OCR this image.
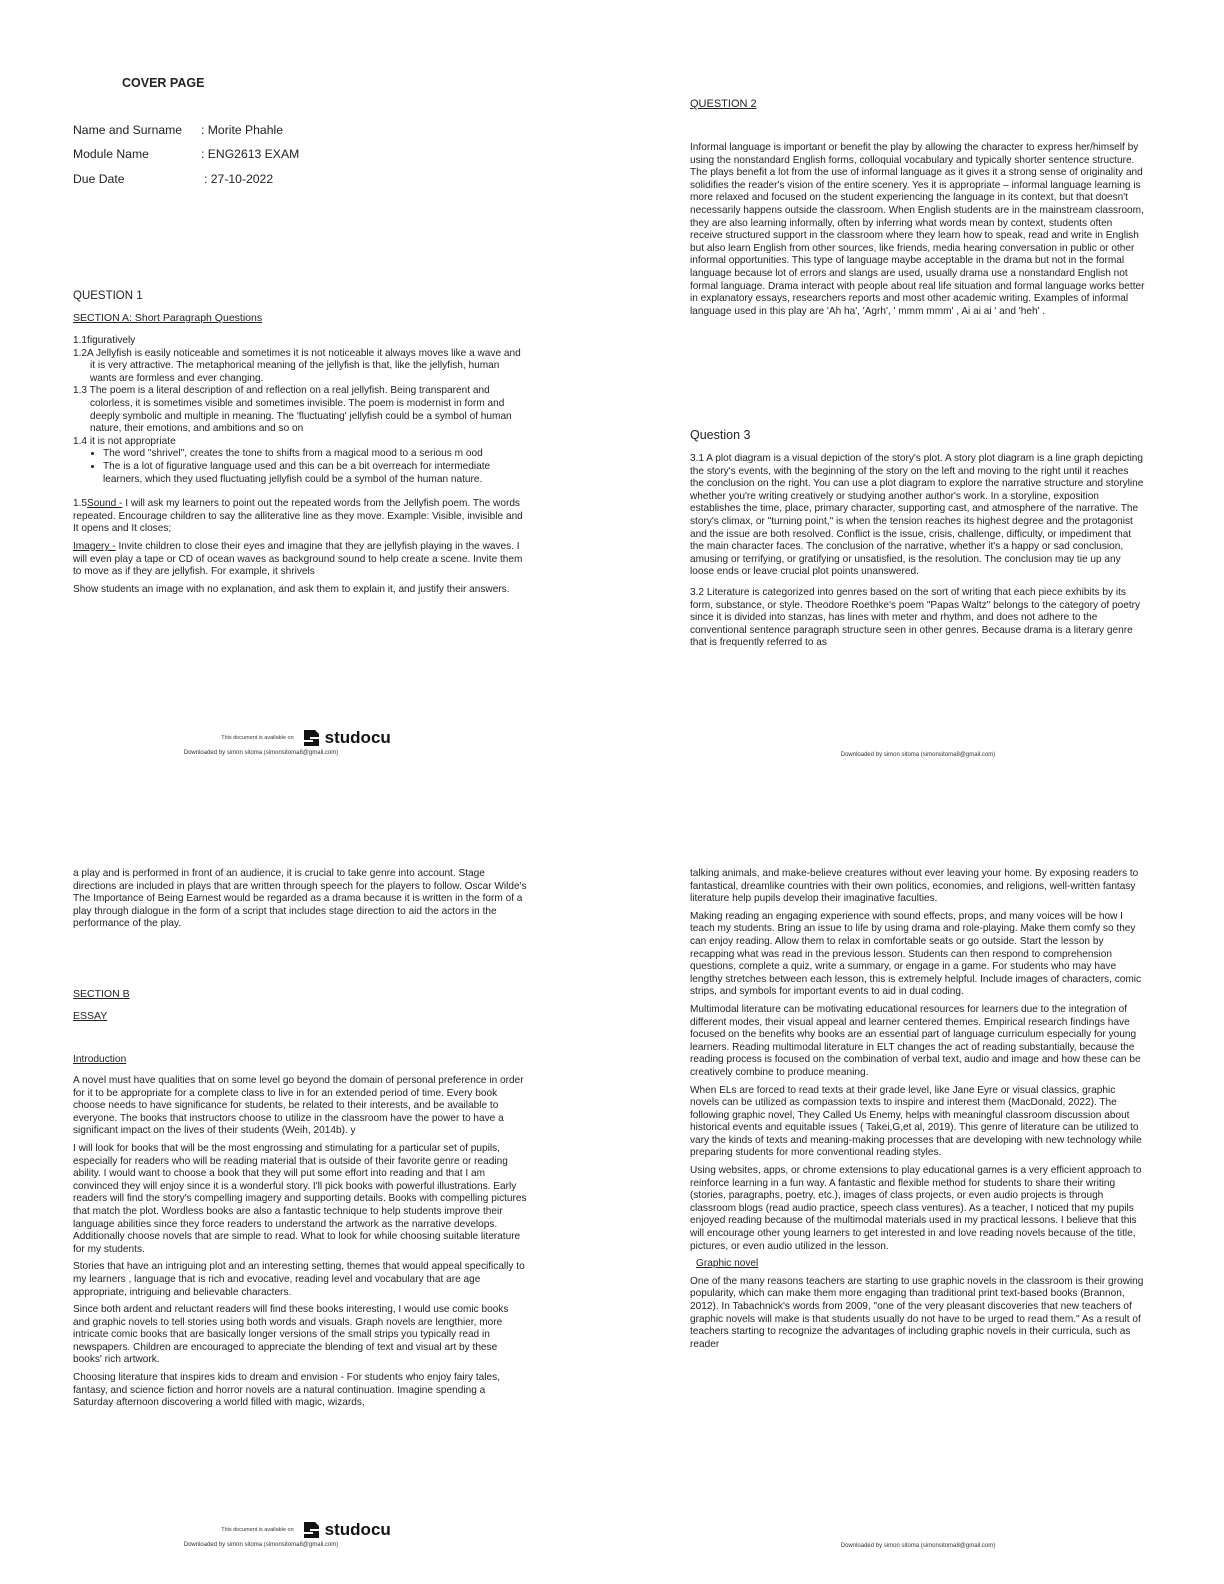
COVER PAGE
Name and Surname : Morite Phahle
Module Name	: ENG2613 EXAM
Due Date	: 27-10-2022
QUESTION 1
SECTION A: Short Paragraph Questions
1.1figuratively
1.2A Jellyfish is easily noticeable and sometimes it is not noticeable it always moves like a wave and it is very attractive. The metaphorical meaning of the jellyfish is that, like the jellyfish, human wants are formless and ever changing.
1.3 The poem is a literal description of and reflection on a real jellyfish. Being transparent and colorless, it is sometimes visible and sometimes invisible. The poem is modernist in form and deeply symbolic and multiple in meaning. The 'fluctuating' jellyfish could be a symbol of human nature, their emotions, and ambitions and so on
1.4 it is not appropriate
• The word "shrivel", creates the tone to shifts from a magical mood to a serious m ood
• The is a lot of figurative language used and this can be a bit overreach for intermediate learners, which they used fluctuating jellyfish could be a symbol of the human nature.

1.5Sound - I will ask my learners to point out the repeated words from the Jellyfish poem. The words repeated. Encourage children to say the alliterative line as they move. Example: Visible, invisible and It opens and It closes;

Imagery - Invite children to close their eyes and imagine that they are jellyfish playing in the waves. I will even play a tape or CD of ocean waves as background sound to help create a scene. Invite them to move as if they are jellyfish. For example, it shrivels

Show students an image with no explanation, and ask them to explain it, and justify their answers.

This document is available on studocu
Downloaded by simon sitoma (simonsitoma8@gmail.com)
QUESTION 2

Informal language is important or benefit the play by allowing the character to express her/himself by using the nonstandard English forms, colloquial vocabulary and typically shorter sentence structure. The plays benefit a lot from the use of informal language as it gives it a strong sense of originality and solidifies the reader's vision of the entire scenery. Yes it is appropriate – informal language learning is more relaxed and focused on the student experiencing the language in its context, but that doesn't necessarily happens outside the classroom. When English students are in the mainstream classroom, they are also learning informally, often by inferring what words mean by context, students often receive structured support in the classroom where they learn how to speak, read and write in English but also learn English from other sources, like friends, media hearing conversation in public or other informal opportunities. This type of language maybe acceptable in the drama but not in the formal language because lot of errors and slangs are used, usually drama use a nonstandard English not formal language. Drama interact with people about real life situation and formal language works better in explanatory essays, researchers reports and most other academic writing. Examples of informal language used in this play are 'Ah ha', 'Agrh', ' mmm mmm' , Ai ai ai ' and 'heh' .

Question 3

3.1 A plot diagram is a visual depiction of the story's plot. A story plot diagram is a line graph depicting the story's events, with the beginning of the story on the left and moving to the right until it reaches the conclusion on the right. You can use a plot diagram to explore the narrative structure and storyline whether you're writing creatively or studying another author's work. In a storyline, exposition establishes the time, place, primary character, supporting cast, and atmosphere of the narrative. The story's climax, or "turning point," is when the tension reaches its highest degree and the protagonist and the issue are both resolved. Conflict is the issue, crisis, challenge, difficulty, or impediment that the main character faces. The conclusion of the narrative, whether it's a happy or sad conclusion, amusing or terrifying, or gratifying or unsatisfied, is the resolution. The conclusion may tie up any loose ends or leave crucial plot points unanswered.

3.2 Literature is categorized into genres based on the sort of writing that each piece exhibits by its form, substance, or style. Theodore Roethke's poem "Papas Waltz" belongs to the category of poetry since it is divided into stanzas, has lines with meter and rhythm, and does not adhere to the conventional sentence paragraph structure seen in other genres. Because drama is a literary genre that is frequently referred to as

Downloaded by simon sitoma (simonsitoma8@gmail.com)

a play and is performed in front of an audience, it is crucial to take genre into account. Stage directions are included in plays that are written through speech for the players to follow. Oscar Wilde's The Importance of Being Earnest would be regarded as a drama because it is written in the form of a play through dialogue in the form of a script that includes stage direction to aid the actors in the performance of the play.

SECTION B
ESSAY
Introduction

A novel must have qualities that on some level go beyond the domain of personal preference in order for it to be appropriate for a complete class to live in for an extended period of time. Every book choose needs to have significance for students, be related to their interests, and be available to everyone. The books that instructors choose to utilize in the classroom have the power to have a significant impact on the lives of their students (Weih, 2014b). y

I will look for books that will be the most engrossing and stimulating for a particular set of pupils, especially for readers who will be reading material that is outside of their favorite genre or reading ability. I would want to choose a book that they will put some effort into reading and that I am convinced they will enjoy since it is a wonderful story. I'll pick books with powerful illustrations. Early readers will find the story's compelling imagery and supporting details. Books with compelling pictures that match the plot. Wordless books are also a fantastic technique to help students improve their language abilities since they force readers to understand the artwork as the narrative develops. Additionally choose novels that are simple to read. What to look for while choosing suitable literature for my students.

Stories that have an intriguing plot and an interesting setting, themes that would appeal specifically to my learners , language that is rich and evocative, reading level and vocabulary that are age appropriate, intriguing and believable characters.

Since both ardent and reluctant readers will find these books interesting, I would use comic books and graphic novels to tell stories using both words and visuals. Graph novels are lengthier, more intricate comic books that are basically longer versions of the small strips you typically read in newspapers. Children are encouraged to appreciate the blending of text and visual art by these books' rich artwork.

Choosing literature that inspires kids to dream and envision - For students who enjoy fairy tales, fantasy, and science fiction and horror novels are a natural continuation. Imagine spending a Saturday afternoon discovering a world filled with magic, wizards,

This document is available on studocu
Downloaded by simon sitoma (simonsitoma8@gmail.com)

talking animals, and make-believe creatures without ever leaving your home. By exposing readers to fantastical, dreamlike countries with their own politics, economies, and religions, well-written fantasy literature help pupils develop their imaginative faculties.

Making reading an engaging experience with sound effects, props, and many voices will be how I teach my students. Bring an issue to life by using drama and role-playing. Make them comfy so they can enjoy reading. Allow them to relax in comfortable seats or go outside. Start the lesson by recapping what was read in the previous lesson. Students can then respond to comprehension questions, complete a quiz, write a summary, or engage in a game. For students who may have lengthy stretches between each lesson, this is extremely helpful. Include images of characters, comic strips, and symbols for important events to aid in dual coding.

Multimodal literature can be motivating educational resources for learners due to the integration of different modes, their visual appeal and learner centered themes. Empirical research findings have focused on the benefits why books are an essential part of language curriculum especially for young learners. Reading multimodal literature in ELT changes the act of reading substantially, because the reading process is focused on the combination of verbal text, audio and image and how these can be creatively combine to produce meaning.

When ELs are forced to read texts at their grade level, like Jane Eyre or visual classics, graphic novels can be utilized as compassion texts to inspire and interest them (MacDonald, 2022). The following graphic novel, They Called Us Enemy, helps with meaningful classroom discussion about historical events and equitable issues ( Takei,G,et al, 2019). This genre of literature can be utilized to vary the kinds of texts and meaning-making processes that are developing with new technology while preparing students for more conventional reading styles.

Using websites, apps, or chrome extensions to play educational games is a very efficient approach to reinforce learning in a fun way. A fantastic and flexible method for students to share their writing (stories, paragraphs, poetry, etc.), images of class projects, or even audio projects is through classroom blogs (read audio practice, speech class ventures). As a teacher, I noticed that my pupils enjoyed reading because of the multimodal materials used in my practical lessons. I believe that this will encourage other young learners to get interested in and love reading novels because of the title, pictures, or even audio utilized in the lesson.

Graphic novel

One of the many reasons teachers are starting to use graphic novels in the classroom is their growing popularity, which can make them more engaging than traditional print text-based books (Brannon, 2012). In Tabachnick's words from 2009, "one of the very pleasant discoveries that new teachers of graphic novels will make is that students usually do not have to be urged to read them." As a result of teachers starting to recognize the advantages of including graphic novels in their curricula, such as reader

Downloaded by simon sitoma (simonsitoma8@gmail.com)
